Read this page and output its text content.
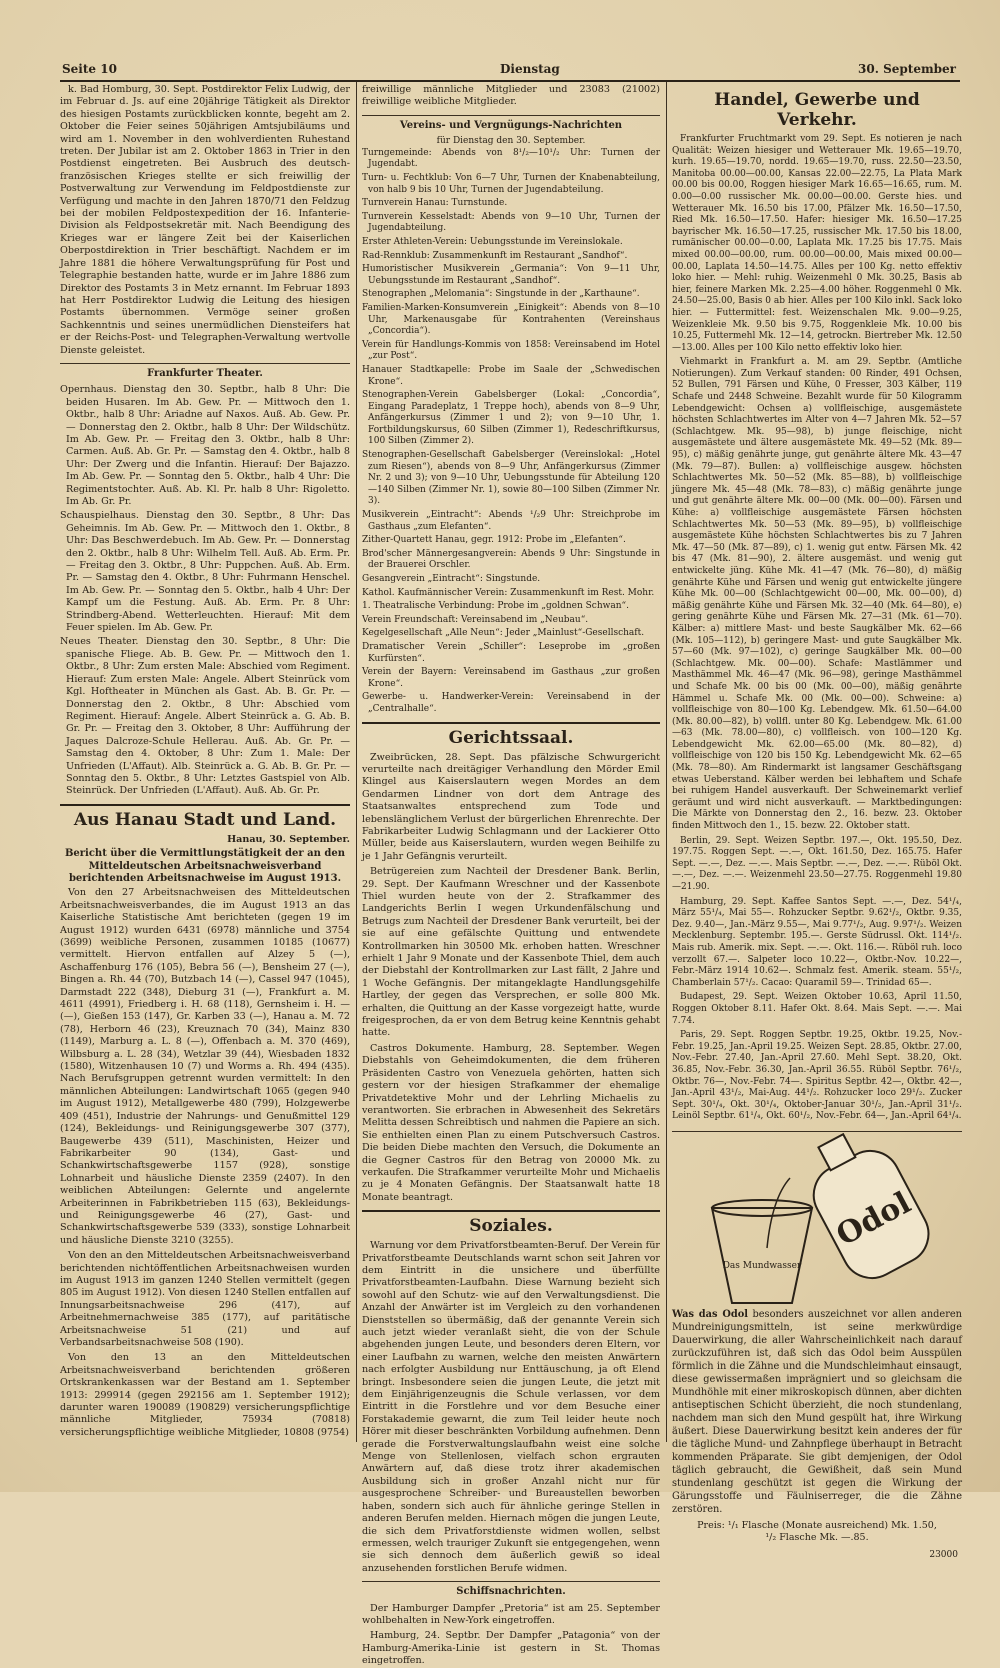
Seite 10	Dienstag	30. September

k. Bad Homburg, 30. Sept. Postdirektor Felix Ludwig, der im Februar d. Js. auf eine 20jährige Tätigkeit als Direktor des hiesigen Postamts zurückblicken konnte, begeht am 2. Oktober die Feier seines 50jährigen Amtsjubiläums und wird am 1. November in den wohlverdienten Ruhestand treten. Der Jubilar ist am 2. Oktober 1863 in Trier in den Postdienst eingetreten. Bei Ausbruch des deutsch-französischen Krieges stellte er sich freiwillig der Postverwaltung zur Verwendung im Feldpostdienste zur Verfügung und machte in den Jahren 1870/71 den Feldzug bei der mobilen Feldpostexpedition der 16. Infanterie-Division als Feldpostsekretär mit. Nach Beendigung des Krieges war er längere Zeit bei der Kaiserlichen Oberpostdirektion in Trier beschäftigt. Nachdem er im Jahre 1881 die höhere Verwaltungsprüfung für Post und Telegraphie bestanden hatte, wurde er im Jahre 1886 zum Direktor des Postamts 3 in Metz ernannt. Im Februar 1893 hat Herr Postdirektor Ludwig die Leitung des hiesigen Postamts übernommen. Vermöge seiner großen Sachkenntnis und seines unermüdlichen Diensteifers hat er der Reichs-Post- und Telegraphen-Verwaltung wertvolle Dienste geleistet.

Frankfurter Theater.

Opernhaus. Dienstag den 30. Septbr., halb 8 Uhr: Die beiden Husaren. Im Ab. Gew. Pr. — Mittwoch den 1. Oktbr., halb 8 Uhr: Ariadne auf Naxos. Auß. Ab. Gew. Pr. — Donnerstag den 2. Oktbr., halb 8 Uhr: Der Wildschütz. Im Ab. Gew. Pr. — Freitag den 3. Oktbr., halb 8 Uhr: Carmen. Auß. Ab. Gr. Pr. — Samstag den 4. Oktbr., halb 8 Uhr: Der Zwerg und die Infantin. Hierauf: Der Bajazzo. Im Ab. Gew. Pr. — Sonntag den 5. Oktbr., halb 4 Uhr: Die Regimentstochter. Auß. Ab. Kl. Pr. halb 8 Uhr: Rigoletto. Im Ab. Gr. Pr.

Schauspielhaus. Dienstag den 30. Septbr., 8 Uhr: Das Geheimnis. Im Ab. Gew. Pr. — Mittwoch den 1. Oktbr., 8 Uhr: Das Beschwerdebuch. Im Ab. Gew. Pr. — Donnerstag den 2. Oktbr., halb 8 Uhr: Wilhelm Tell. Auß. Ab. Erm. Pr. — Freitag den 3. Oktbr., 8 Uhr: Puppchen. Auß. Ab. Erm. Pr. — Samstag den 4. Oktbr., 8 Uhr: Fuhrmann Henschel. Im Ab. Gew. Pr. — Sonntag den 5. Oktbr., halb 4 Uhr: Der Kampf um die Festung. Auß. Ab. Erm. Pr. 8 Uhr: Strindberg-Abend. Wetterleuchten. Hierauf: Mit dem Feuer spielen. Im Ab. Gew. Pr.

Neues Theater. Dienstag den 30. Septbr., 8 Uhr: Die spanische Fliege. Ab. B. Gew. Pr. — Mittwoch den 1. Oktbr., 8 Uhr: Zum ersten Male: Abschied vom Regiment. Hierauf: Zum ersten Male: Angele. Albert Steinrück vom Kgl. Hoftheater in München als Gast. Ab. B. Gr. Pr. — Donnerstag den 2. Oktbr., 8 Uhr: Abschied vom Regiment. Hierauf: Angele. Albert Steinrück a. G. Ab. B. Gr. Pr. — Freitag den 3. Oktober, 8 Uhr: Aufführung der Jaques Dalcroze-Schule Hellerau. Auß. Ab. Gr. Pr. — Samstag den 4. Oktober, 8 Uhr: Zum 1. Male: Der Unfrieden (L'Affaut). Alb. Steinrück a. G. Ab. B. Gr. Pr. — Sonntag den 5. Oktbr., 8 Uhr: Letztes Gastspiel von Alb. Steinrück. Der Unfrieden (L'Affaut). Auß. Ab. Gr. Pr.

Aus Hanau Stadt und Land.
Hanau, 30. September.
Bericht über die Vermittlungstätigkeit der an den Mitteldeutschen Arbeitsnachweisverband berichtenden Arbeitsnachweise im August 1913.

Von den 27 Arbeitsnachweisen des Mitteldeutschen Arbeitsnachweisverbandes, die im August 1913 an das Kaiserliche Statistische Amt berichteten (gegen 19 im August 1912) wurden 6431 (6978) männliche und 3754 (3699) weibliche Personen, zusammen 10185 (10677) vermittelt. Hiervon entfallen auf Alzey 5 (—), Aschaffenburg 176 (105), Bebra 56 (—), Bensheim 27 (—), Bingen a. Rh. 44 (70), Butzbach 14 (—), Cassel 947 (1045), Darmstadt 222 (348), Dieburg 31 (—), Frankfurt a. M. 4611 (4991), Friedberg i. H. 68 (118), Gernsheim i. H. — (—), Gießen 153 (147), Gr. Karben 33 (—), Hanau a. M. 72 (78), Herborn 46 (23), Kreuznach 70 (34), Mainz 830 (1149), Marburg a. L. 8 (—), Offenbach a. M. 370 (469), Wilbsburg a. L. 28 (34), Wetzlar 39 (44), Wiesbaden 1832 (1580), Witzenhausen 10 (7) und Worms a. Rh. 494 (435). Nach Berufsgruppen getrennt wurden vermittelt: In den männlichen Abteilungen: Landwirtschaft 1065 (gegen 940 im August 1912), Metallgewerbe 480 (799), Holzgewerbe 409 (451), Industrie der Nahrungs- und Genußmittel 129 (124), Bekleidungs- und Reinigungsgewerbe 307 (377), Baugewerbe 439 (511), Maschinisten, Heizer und Fabrikarbeiter 90 (134), Gast- und Schankwirtschaftsgewerbe 1157 (928), sonstige Lohnarbeit und häusliche Dienste 2359 (2407). In den weiblichen Abteilungen: Gelernte und angelernte Arbeiterinnen in Fabrikbetrieben 115 (63), Bekleidungs- und Reinigungsgewerbe 46 (27), Gast- und Schankwirtschaftsgewerbe 539 (333), sonstige Lohnarbeit und häusliche Dienste 3210 (3255).

Von den an den Mitteldeutschen Arbeitsnachweisverband berichtenden nichtöffentlichen Arbeitsnachweisen wurden im August 1913 im ganzen 1240 Stellen vermittelt (gegen 805 im August 1912). Von diesen 1240 Stellen entfallen auf Innungsarbeitsnachweise 296 (417), auf Arbeitnehmernachweise 385 (177), auf paritätische Arbeitsnachweise 51 (21) und auf Verbandsarbeitsnachweise 508 (190).

Von den 13 an den Mitteldeutschen Arbeitsnachweisverband berichtenden größeren Ortskrankenkassen war der Bestand am 1. September 1913: 299914 (gegen 292156 am 1. September 1912); darunter waren 190089 (190829) versicherungspflichtige männliche Mitglieder, 75934 (70818) versicherungspflichtige weibliche Mitglieder, 10808 (9754)

freiwillige männliche Mitglieder und 23083 (21002) freiwillige weibliche Mitglieder.

Vereins- und Vergnügungs-Nachrichten
für Dienstag den 30. September.

Turngemeinde: Abends von 8¹/₂—10¹/₂ Uhr: Turnen der Jugendabt.

Turn- u. Fechtklub: Von 6—7 Uhr, Turnen der Knabenabteilung, von halb 9 bis 10 Uhr, Turnen der Jugendabteilung.

Turnverein Hanau: Turnstunde.

Turnverein Kesselstadt: Abends von 9—10 Uhr, Turnen der Jugendabteilung.

Erster Athleten-Verein: Uebungsstunde im Vereinslokale.

Rad-Rennklub: Zusammenkunft im Restaurant „Sandhof“.

Humoristischer Musikverein „Germania“: Von 9—11 Uhr, Uebungsstunde im Restaurant „Sandhof“.

Stenographen „Melomania“: Singstunde in der „Karthaune“.

Familien-Marken-Konsumverein „Einigkeit“: Abends von 8—10 Uhr, Markenausgabe für Kontrahenten (Vereinshaus „Concordia“).

Verein für Handlungs-Kommis von 1858: Vereinsabend im Hotel „zur Post“.

Hanauer Stadtkapelle: Probe im Saale der „Schwedischen Krone“.

Stenographen-Verein Gabelsberger (Lokal: „Concordia“, Eingang Paradeplatz, 1 Treppe hoch), abends von 8—9 Uhr, Anfängerkursus (Zimmer 1 und 2); von 9—10 Uhr, 1. Fortbildungskursus, 60 Silben (Zimmer 1), Redeschriftkursus, 100 Silben (Zimmer 2).

Stenographen-Gesellschaft Gabelsberger (Vereinslokal: „Hotel zum Riesen“), abends von 8—9 Uhr, Anfängerkursus (Zimmer Nr. 2 und 3); von 9—10 Uhr, Uebungsstunde für Abteilung 120—140 Silben (Zimmer Nr. 1), sowie 80—100 Silben (Zimmer Nr. 3).

Musikverein „Eintracht“: Abends ¹/₂9 Uhr: Streichprobe im Gasthaus „zum Elefanten“.

Zither-Quartett Hanau, gegr. 1912: Probe im „Elefanten“.

Brod'scher Männergesangverein: Abends 9 Uhr: Singstunde in der Brauerei Orschler.

Gesangverein „Eintracht“: Singstunde.

Kathol. Kaufmännischer Verein: Zusammenkunft im Rest. Mohr.

1. Theatralische Verbindung: Probe im „goldnen Schwan“.

Verein Freundschaft: Vereinsabend im „Neubau“.

Kegelgesellschaft „Alle Neun“: Jeder „Mainlust“-Gesellschaft.

Dramatischer Verein „Schiller“: Leseprobe im „großen Kurfürsten“.

Verein der Bayern: Vereinsabend im Gasthaus „zur großen Krone“.

Gewerbe- u. Handwerker-Verein: Vereinsabend in der „Centralhalle“.

Gerichtssaal.

Zweibrücken, 28. Sept. Das pfälzische Schwurgericht verurteilte nach dreitägiger Verhandlung den Mörder Emil Klingel aus Kaiserslautern wegen Mordes an dem Gendarmen Lindner von dort dem Antrage des Staatsanwaltes entsprechend zum Tode und lebenslänglichem Verlust der bürgerlichen Ehrenrechte. Der Fabrikarbeiter Ludwig Schlagmann und der Lackierer Otto Müller, beide aus Kaiserslautern, wurden wegen Beihilfe zu je 1 Jahr Gefängnis verurteilt.

Betrügereien zum Nachteil der Dresdener Bank. Berlin, 29. Sept. Der Kaufmann Wreschner und der Kassenbote Thiel wurden heute von der 2. Strafkammer des Landgerichts Berlin I wegen Urkundenfälschung und Betrugs zum Nachteil der Dresdener Bank verurteilt, bei der sie auf eine gefälschte Quittung und entwendete Kontrollmarken hin 30500 Mk. erhoben hatten. Wreschner erhielt 1 Jahr 9 Monate und der Kassenbote Thiel, dem auch der Diebstahl der Kontrollmarken zur Last fällt, 2 Jahre und 1 Woche Gefängnis. Der mitangeklagte Handlungsgehilfe Hartley, der gegen das Versprechen, er solle 800 Mk. erhalten, die Quittung an der Kasse vorgezeigt hatte, wurde freigesprochen, da er von dem Betrug keine Kenntnis gehabt hatte.

Castros Dokumente. Hamburg, 28. September. Wegen Diebstahls von Geheimdokumenten, die dem früheren Präsidenten Castro von Venezuela gehörten, hatten sich gestern vor der hiesigen Strafkammer der ehemalige Privatdetektive Mohr und der Lehrling Michaelis zu verantworten. Sie erbrachen in Abwesenheit des Sekretärs Melitta dessen Schreibtisch und nahmen die Papiere an sich. Sie enthielten einen Plan zu einem Putschversuch Castros. Die beiden Diebe machten den Versuch, die Dokumente an die Gegner Castros für den Betrag von 20000 Mk. zu verkaufen. Die Strafkammer verurteilte Mohr und Michaelis zu je 4 Monaten Gefängnis. Der Staatsanwalt hatte 18 Monate beantragt.

Soziales.

Warnung vor dem Privatforstbeamten-Beruf. Der Verein für Privatforstbeamte Deutschlands warnt schon seit Jahren vor dem Eintritt in die unsichere und überfüllte Privatforstbeamten-Laufbahn. Diese Warnung bezieht sich sowohl auf den Schutz- wie auf den Verwaltungsdienst. Die Anzahl der Anwärter ist im Vergleich zu den vorhandenen Dienststellen so übermäßig, daß der genannte Verein sich auch jetzt wieder veranlaßt sieht, die von der Schule abgehenden jungen Leute, und besonders deren Eltern, vor einer Laufbahn zu warnen, welche den meisten Anwärtern nach erfolgter Ausbildung nur Enttäuschung, ja oft Elend bringt. Insbesondere seien die jungen Leute, die jetzt mit dem Einjährigenzeugnis die Schule verlassen, vor dem Eintritt in die Forstlehre und vor dem Besuche einer Forstakademie gewarnt, die zum Teil leider heute noch Hörer mit dieser beschränkten Vorbildung aufnehmen. Denn gerade die Forstverwaltungslaufbahn weist eine solche Menge von Stellenlosen, vielfach schon ergrauten Anwärtern auf, daß diese trotz ihrer akademischen Ausbildung sich in großer Anzahl nicht nur für ausgesprochene Schreiber- und Bureaustellen beworben haben, sondern sich auch für ähnliche geringe Stellen in anderen Berufen melden. Hiernach mögen die jungen Leute, die sich dem Privatforstdienste widmen wollen, selbst ermessen, welch trauriger Zukunft sie entgegengehen, wenn sie sich dennoch dem äußerlich gewiß so ideal anzusehenden forstlichen Berufe widmen.

Schiffsnachrichten.

Der Hamburger Dampfer „Pretoria“ ist am 25. September wohlbehalten in New-York eingetroffen.

Hamburg, 24. Septbr. Der Dampfer „Patagonia“ von der Hamburg-Amerika-Linie ist gestern in St. Thomas eingetroffen.

Handel, Gewerbe und Verkehr.

Frankfurter Fruchtmarkt vom 29. Sept. Es notieren je nach Qualität: Weizen hiesiger und Wetterauer Mk. 19.65—19.70, kurh. 19.65—19.70, nordd. 19.65—19.70, russ. 22.50—23.50, Manitoba 00.00—00.00, Kansas 22.00—22.75, La Plata Mark 00.00 bis 00.00, Roggen hiesiger Mark 16.65—16.65, rum. M. 0.00—0.00 russischer Mk. 00.00—00.00. Gerste hies. und Wetterauer Mk. 16.50 bis 17.00, Pfälzer Mk. 16.50—17.50, Ried Mk. 16.50—17.50. Hafer: hiesiger Mk. 16.50—17.25 bayrischer Mk. 16.50—17.25, russischer Mk. 17.50 bis 18.00, rumänischer 00.00—0.00, Laplata Mk. 17.25 bis 17.75. Mais mixed 00.00—00.00, rum. 00.00—00.00, Mais mixed 00.00—00.00, Laplata 14.50—14.75. Alles per 100 Kg. netto effektiv loko hier. — Mehl: ruhig. Weizenmehl 0 Mk. 30.25, Basis ab hier, feinere Marken Mk. 2.25—4.00 höher. Roggenmehl 0 Mk. 24.50—25.00, Basis 0 ab hier. Alles per 100 Kilo inkl. Sack loko hier. — Futtermittel: fest. Weizenschalen Mk. 9.00—9.25, Weizenkleie Mk. 9.50 bis 9.75, Roggenkleie Mk. 10.00 bis 10.25, Futtermehl Mk. 12—14, getrockn. Biertreber Mk. 12.50—13.00. Alles per 100 Kilo netto effektiv loko hier.

Viehmarkt in Frankfurt a. M. am 29. Septbr. (Amtliche Notierungen). Zum Verkauf standen: 00 Rinder, 491 Ochsen, 52 Bullen, 791 Färsen und Kühe, 0 Fresser, 303 Kälber, 119 Schafe und 2448 Schweine. Bezahlt wurde für 50 Kilogramm Lebendgewicht: Ochsen a) vollfleischige, ausgemästete höchsten Schlachtwertes im Alter von 4—7 Jahren Mk. 52—57 (Schlachtgew. Mk. 95—98), b) junge fleischige, nicht ausgemästete und ältere ausgemästete Mk. 49—52 (Mk. 89—95), c) mäßig genährte junge, gut genährte ältere Mk. 43—47 (Mk. 79—87). Bullen: a) vollfleischige ausgew. höchsten Schlachtwertes Mk. 50—52 (Mk. 85—88), b) vollfleischige jüngere Mk. 45—48 (Mk. 78—83), c) mäßig genährte junge und gut genährte ältere Mk. 00—00 (Mk. 00—00). Färsen und Kühe: a) vollfleischige ausgemästete Färsen höchsten Schlachtwertes Mk. 50—53 (Mk. 89—95), b) vollfleischige ausgemästete Kühe höchsten Schlachtwertes bis zu 7 Jahren Mk. 47—50 (Mk. 87—89), c) 1. wenig gut entw. Färsen Mk. 42 bis 47 (Mk. 81—90), 2. ältere ausgemäst. und wenig gut entwickelte jüng. Kühe Mk. 41—47 (Mk. 76—80), d) mäßig genährte Kühe und Färsen und wenig gut entwickelte jüngere Kühe Mk. 00—00 (Schlachtgewicht 00—00, Mk. 00—00), d) mäßig genährte Kühe und Färsen Mk. 32—40 (Mk. 64—80), e) gering genährte Kühe und Färsen Mk. 27—31 (Mk. 61—70). Kälber: a) mittlere Mast- und beste Saugkälber Mk. 62—66 (Mk. 105—112), b) geringere Mast- und gute Saugkälber Mk. 57—60 (Mk. 97—102), c) geringe Saugkälber Mk. 00—00 (Schlachtgew. Mk. 00—00). Schafe: Mastlämmer und Masthämmel Mk. 46—47 (Mk. 96—98), geringe Masthämmel und Schafe Mk. 00 bis 00 (Mk. 00—00), mäßig genährte Hämmel u. Schafe Mk. 00 (Mk. 00—00). Schweine: a) vollfleischige von 80—100 Kg. Lebendgew. Mk. 61.50—64.00 (Mk. 80.00—82), b) vollfl. unter 80 Kg. Lebendgew. Mk. 61.00—63 (Mk. 78.00—80), c) vollfleisch. von 100—120 Kg. Lebendgewicht Mk. 62.00—65.00 (Mk. 80—82), d) vollfleischige von 120 bis 150 Kg. Lebendgewicht Mk. 62—65 (Mk. 78—80). Am Rindermarkt ist langsamer Geschäftsgang etwas Ueberstand. Kälber werden bei lebhaftem und Schafe bei ruhigem Handel ausverkauft. Der Schweinemarkt verlief geräumt und wird nicht ausverkauft. — Marktbedingungen: Die Märkte von Donnerstag den 2., 16. bezw. 23. Oktober finden Mittwoch den 1., 15. bezw. 22. Oktober statt.

Berlin, 29. Sept. Weizen Septbr. 197.—, Okt. 195.50, Dez. 197.75. Roggen Sept. —.—, Okt. 161.50, Dez. 165.75. Hafer Sept. —.—, Dez. —.—. Mais Septbr. —.—, Dez. —.—. Rüböl Okt. —.—, Dez. —.—. Weizenmehl 23.50—27.75. Roggenmehl 19.80—21.90.

Hamburg, 29. Sept. Kaffee Santos Sept. —.—, Dez. 54¹/₄, März 55¹/₄, Mai 55—. Rohzucker Septbr. 9.62¹/₂, Oktbr. 9.35, Dez. 9.40—, Jan.-März 9.55—, Mai 9.77¹/₂, Aug. 9.97¹/₂. Weizen Mecklenburg. Septembr. 195.—. Gerste Südrussl. Okt. 114¹/₂. Mais rub. Amerik. mix. Sept. —.—. Okt. 116.—. Rüböl ruh. loco verzollt 67.—. Salpeter loco 10.22—, Oktbr.-Nov. 10.22—, Febr.-März 1914 10.62—. Schmalz fest. Amerik. steam. 55¹/₂, Chamberlain 57¹/₂. Cacao: Quaramil 59—. Trinidad 65—.

Budapest, 29. Sept. Weizen Oktober 10.63, April 11.50, Roggen Oktober 8.11. Hafer Okt. 8.64. Mais Sept. —.—. Mai 7.74.

Paris, 29. Sept. Roggen Septbr. 19.25, Oktbr. 19.25, Nov.-Febr. 19.25, Jan.-April 19.25. Weizen Sept. 28.85, Oktbr. 27.00, Nov.-Febr. 27.40, Jan.-April 27.60. Mehl Sept. 38.20, Okt. 36.85, Nov.-Febr. 36.30, Jan.-April 36.55. Rüböl Septbr. 76¹/₂, Oktbr. 76—, Nov.-Febr. 74—. Spiritus Septbr. 42—, Oktbr. 42—, Jan.-April 43¹/₂, Mai-Aug. 44¹/₂. Rohzucker loco 29¹/₂. Zucker Sept. 30¹/₄, Okt. 30¹/₄, Oktober-Januar 30¹/₂, Jan.-April 31¹/₂. Leinöl Septbr. 61¹/₄, Okt. 60¹/₂, Nov.-Febr. 64—, Jan.-April 64¹/₄.

Odol
Das Mundwasser
Was das Odol besonders auszeichnet vor allen anderen Mundreinigungsmitteln, ist seine merkwürdige Dauerwirkung, die aller Wahrscheinlichkeit nach darauf zurückzuführen ist, daß sich das Odol beim Ausspülen förmlich in die Zähne und die Mundschleimhaut einsaugt, diese gewissermaßen imprägniert und so gleichsam die Mundhöhle mit einer mikroskopisch dünnen, aber dichten antiseptischen Schicht überzieht, die noch stundenlang, nachdem man sich den Mund gespült hat, ihre Wirkung äußert. Diese Dauerwirkung besitzt kein anderes der für die tägliche Mund- und Zahnpflege überhaupt in Betracht kommenden Präparate. Sie gibt demjenigen, der Odol täglich gebraucht, die Gewißheit, daß sein Mund stundenlang geschützt ist gegen die Wirkung der Gärungsstoffe und Fäulniserreger, die die Zähne zerstören.
Preis: ¹/₁ Flasche (Monate ausreichend) Mk. 1.50,
¹/₂ Flasche Mk. —.85.
23000
